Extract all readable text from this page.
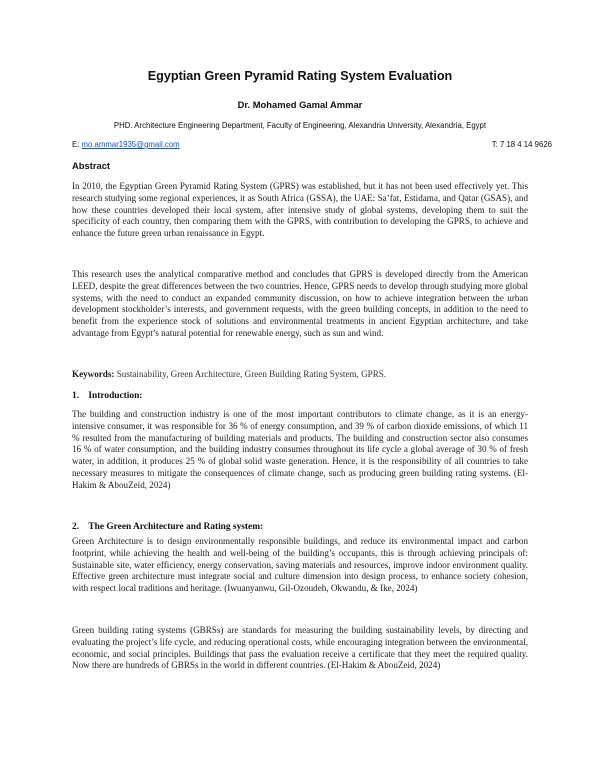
Egyptian Green Pyramid Rating System Evaluation
Dr. Mohamed Gamal Ammar
PHD. Architecture Engineering Department, Faculty of Engineering, Alexandria University, Alexandria, Egypt
E: mo.ammar1935@gmail.com	T: 7 18 4 14 9626
Abstract

In 2010, the Egyptian Green Pyramid Rating System (GPRS) was established, but it has not been used effectively yet. This research studying some regional experiences, it as South Africa (GSSA), the UAE: Sa’fat, Estidama, and Qatar (GSAS), and how these countries developed their local system, after intensive study of global systems, developing them to suit the specificity of each country, then comparing them with the GPRS, with contribution to developing the GPRS, to achieve and enhance the future green urban renaissance in Egypt.

This research uses the analytical comparative method and concludes that GPRS is developed directly from the American LEED, despite the great differences between the two countries. Hence, GPRS needs to develop through studying more global systems, with the need to conduct an expanded community discussion, on how to achieve integration between the urban development stockholder’s interests, and government requests, with the green building concepts, in addition to the need to benefit from the experience stock of solutions and environmental treatments in ancient Egyptian architecture, and take advantage from Egypt’s natural potential for renewable energy, such as sun and wind.

Keywords: Sustainability, Green Architecture, Green Building Rating System, GPRS.

1.    Introduction:

The building and construction industry is one of the most important contributors to climate change, as it is an energy-intensive consumer, it was responsible for 36 % of energy consumption, and 39 % of carbon dioxide emissions, of which 11 % resulted from the manufacturing of building materials and products. The building and construction sector also consumes 16 % of water consumption, and the building industry consumes throughout its life cycle a global average of 30 % of fresh water, in addition, it produces 25 % of global solid waste generation. Hence, it is the responsibility of all countries to take necessary measures to mitigate the consequences of climate change, such as producing green building rating systems. (El-Hakim & AbouZeid, 2024)

2.    The Green Architecture and Rating system:

Green Architecture is to design environmentally responsible buildings, and reduce its environmental impact and carbon footprint, while achieving the health and well-being of the building’s occupants, this is through achieving principals of: Sustainable site, water efficiency, energy conservation, saving materials and resources, improve indoor environment quality. Effective green architecture must integrate social and culture dimension into design process, to enhance society cohesion, with respect local traditions and heritage. (Iwuanyanwu, Gil-Ozoudeh, Okwandu, & Ike, 2024)

Green building rating systems (GBRSs) are standards for measuring the building sustainability levels, by directing and evaluating the project’s life cycle, and reducing operational costs, while encouraging integration between the environmental, economic, and social principles. Buildings that pass the evaluation receive a certificate that they meet the required quality. Now there are hundreds of GBRSs in the world in different countries. (El-Hakim & AbouZeid, 2024)
